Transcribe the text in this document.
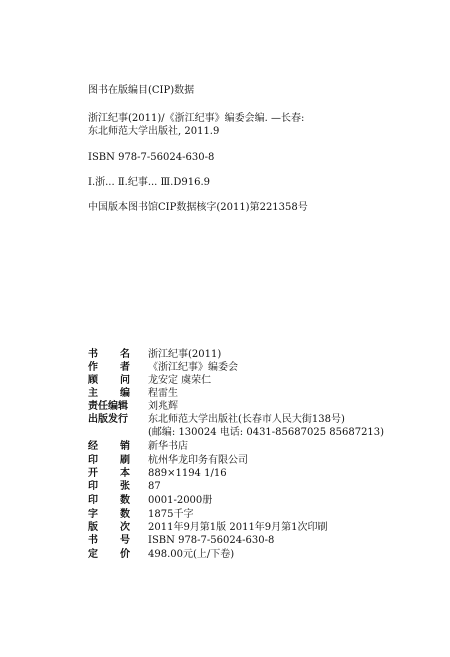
图书在版编目(CIP)数据
浙江纪事(2011)/《浙江纪事》编委会编. —长春:
东北师范大学出版社, 2011.9
ISBN 978-7-56024-630-8
Ⅰ.浙... Ⅱ.纪事... Ⅲ.D916.9
中国版本图书馆CIP数据核字(2011)第221358号
书 名 浙江纪事(2011)
作 者 《浙江纪事》编委会
顾 问 龙安定 虞荣仁
主 编 程雷生
责任编辑	刘兆辉
出版发行	东北师范大学出版社(长春市人民大街138号)
(邮编: 130024 电话: 0431-85687025 85687213)
经 销 新华书店
印 刷 杭州华龙印务有限公司
开 本 889×1194 1/16
印 张 87
印 数 0001-2000册
字 数 1875千字
版 次 2011年9月第1版 2011年9月第1次印刷
书 号 ISBN 978-7-56024-630-8
定 价 498.00元(上/下卷)
